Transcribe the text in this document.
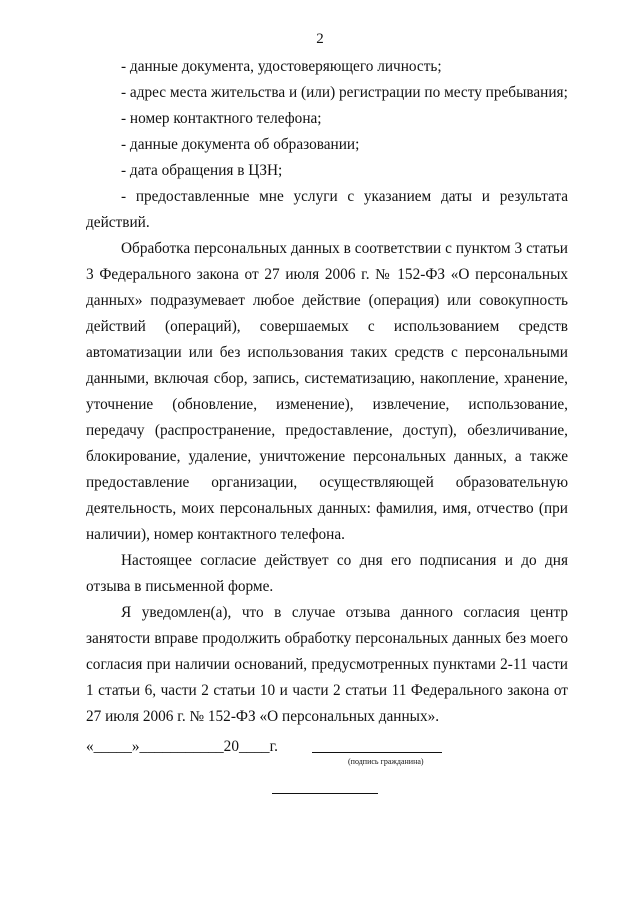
2

- данные документа, удостоверяющего личность;

- адрес места жительства и (или) регистрации по месту пребывания;

- номер контактного телефона;

- данные документа об образовании;

- дата обращения в ЦЗН;

- предоставленные мне услуги с указанием даты и результата действий.

Обработка персональных данных в соответствии с пунктом 3 статьи 3 Федерального закона от 27 июля 2006 г. № 152-ФЗ «О персональных данных» подразумевает любое действие (операция) или совокупность действий (операций), совершаемых с использованием средств автоматизации или без использования таких средств с персональными данными, включая сбор, запись, систематизацию, накопление, хранение, уточнение (обновление, изменение), извлечение, использование, передачу (распространение, предоставление, доступ), обезличивание, блокирование, удаление, уничтожение персональных данных, а также предоставление организации, осуществляющей образовательную деятельность, моих персональных данных: фамилия, имя, отчество (при наличии), номер контактного телефона.

Настоящее согласие действует со дня его подписания и до дня отзыва в письменной форме.

Я уведомлен(а), что в случае отзыва данного согласия центр занятости вправе продолжить обработку персональных данных без моего согласия при наличии оснований, предусмотренных пунктами 2-11 части 1 статьи 6, части 2 статьи 10 и части 2 статьи 11 Федерального закона от 27 июля 2006 г. № 152-ФЗ «О персональных данных».

«_____»___________20____г.
(подпись гражданина)
